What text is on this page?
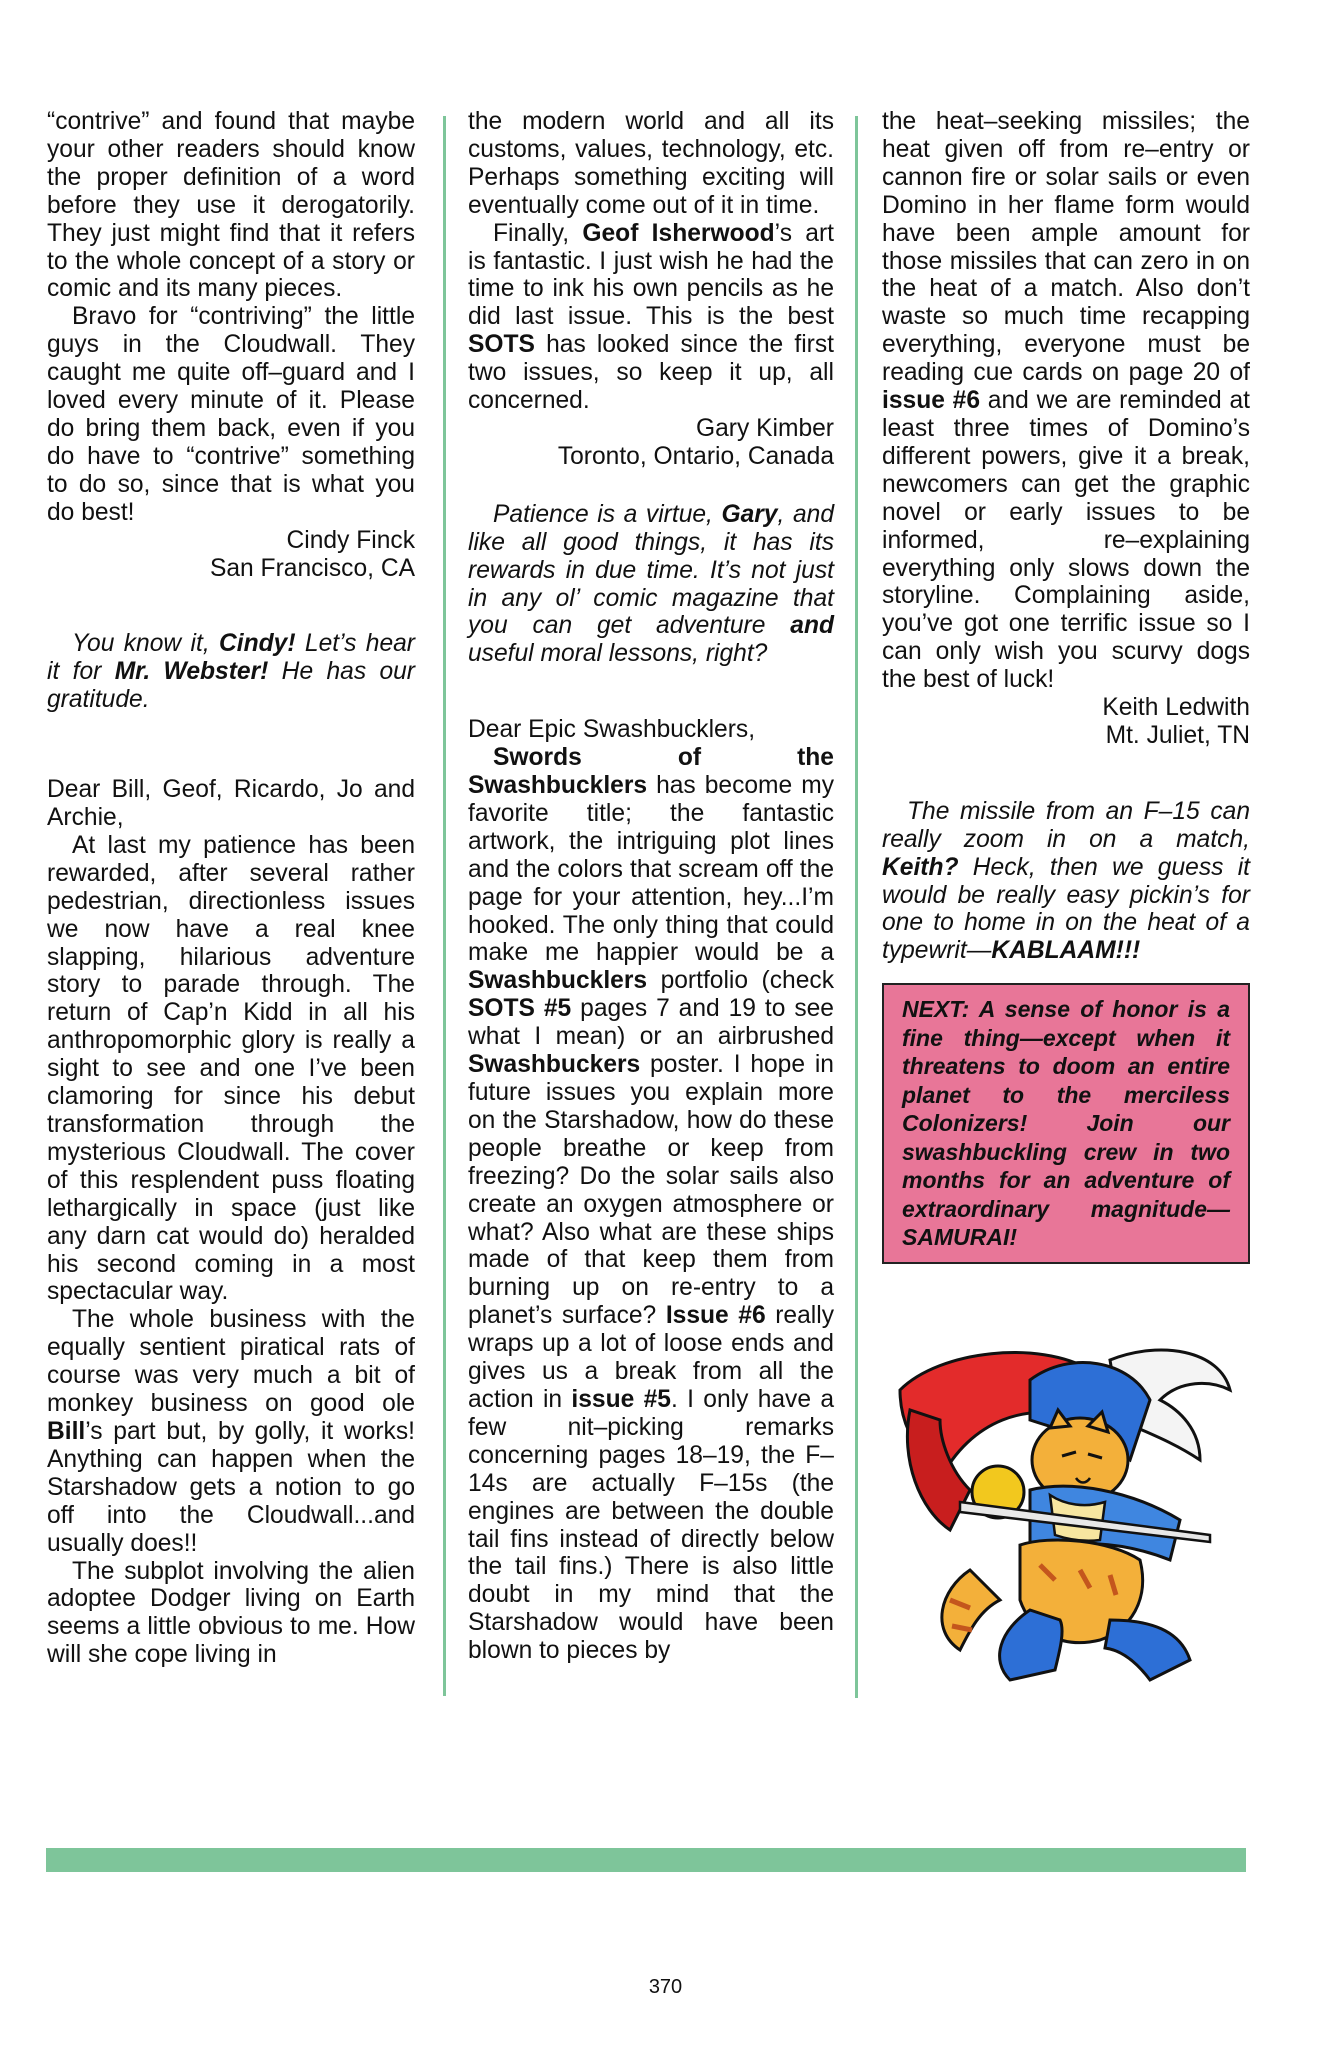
“contrive” and found that maybe your other readers should know the proper definition of a word before they use it derogatorily. They just might find that it refers to the whole concept of a story or comic and its many pieces.

Bravo for “contriving” the little guys in the Cloudwall. They caught me quite off–guard and I loved every minute of it. Please do bring them back, even if you do have to “contrive” something to do so, since that is what you do best!

Cindy Finck

San Francisco, CA

You know it, Cindy! Let’s hear it for Mr. Webster! He has our gratitude.

Dear Bill, Geof, Ricardo, Jo and Archie,

At last my patience has been rewarded, after several rather pedestrian, directionless issues we now have a real knee slapping, hilarious adventure story to parade through. The return of Cap’n Kidd in all his anthropomorphic glory is really a sight to see and one I’ve been clamoring for since his debut transformation through the mysterious Cloudwall. The cover of this resplendent puss floating lethargically in space (just like any darn cat would do) heralded his second coming in a most spectacular way.

The whole business with the equally sentient piratical rats of course was very much a bit of monkey business on good ole Bill’s part but, by golly, it works! Anything can happen when the Starshadow gets a notion to go off into the Cloudwall...and usually does!!

The subplot involving the alien adoptee Dodger living on Earth seems a little obvious to me. How will she cope living in

the modern world and all its customs, values, technology, etc. Perhaps something exciting will eventually come out of it in time.

Finally, Geof Isherwood’s art is fantastic. I just wish he had the time to ink his own pencils as he did last issue. This is the best SOTS has looked since the first two issues, so keep it up, all concerned.

Gary Kimber

Toronto, Ontario, Canada

Patience is a virtue, Gary, and like all good things, it has its rewards in due time. It’s not just in any ol’ comic magazine that you can get adventure and useful moral lessons, right?

Dear Epic Swashbucklers,

Swords of the Swashbucklers has become my favorite title; the fantastic artwork, the intriguing plot lines and the colors that scream off the page for your attention, hey...I’m hooked. The only thing that could make me happier would be a Swashbucklers portfolio (check SOTS #5 pages 7 and 19 to see what I mean) or an airbrushed Swashbuckers poster. I hope in future issues you explain more on the Starshadow, how do these people breathe or keep from freezing? Do the solar sails also create an oxygen atmosphere or what? Also what are these ships made of that keep them from burning up on re-entry to a planet’s surface? Issue #6 really wraps up a lot of loose ends and gives us a break from all the action in issue #5. I only have a few nit–picking remarks concerning pages 18–19, the F–14s are actually F–15s (the engines are between the double tail fins instead of directly below the tail fins.) There is also little doubt in my mind that the Starshadow would have been blown to pieces by

the heat–seeking missiles; the heat given off from re–entry or cannon fire or solar sails or even Domino in her flame form would have been ample amount for those missiles that can zero in on the heat of a match. Also don’t waste so much time recapping everything, everyone must be reading cue cards on page 20 of issue #6 and we are reminded at least three times of Domino’s different powers, give it a break, newcomers can get the graphic novel or early issues to be informed, re–explaining everything only slows down the storyline. Complaining aside, you’ve got one terrific issue so I can only wish you scurvy dogs the best of luck!

Keith Ledwith

Mt. Juliet, TN

The missile from an F–15 can really zoom in on a match, Keith? Heck, then we guess it would be really easy pickin’s for one to home in on the heat of a typewrit—KABLAAM!!!

NEXT: A sense of honor is a fine thing—except when it threatens to doom an entire planet to the merciless Colonizers! Join our swashbuckling crew in two months for an adventure of extraordinary magnitude—SAMURAI!
370
